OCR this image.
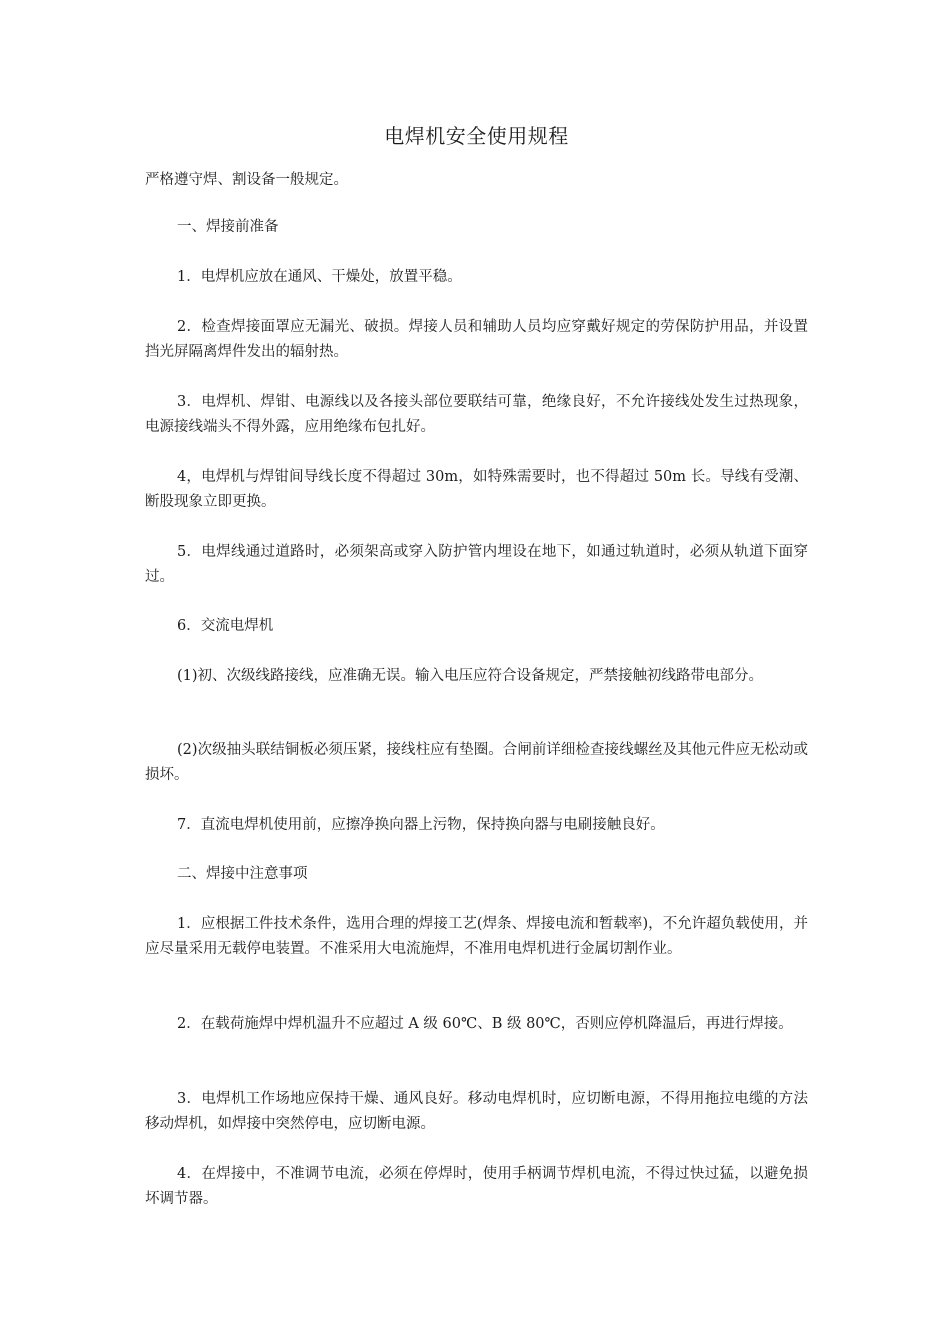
电焊机安全使用规程

严格遵守焊、割设备一般规定。

一、焊接前准备

1．电焊机应放在通风、干燥处，放置平稳。

2．检查焊接面罩应无漏光、破损。焊接人员和辅助人员均应穿戴好规定的劳保防护用品，并设置挡光屏隔离焊件发出的辐射热。

3．电焊机、焊钳、电源线以及各接头部位要联结可靠，绝缘良好，不允许接线处发生过热现象，电源接线端头不得外露，应用绝缘布包扎好。

4，电焊机与焊钳间导线长度不得超过 30m，如特殊需要时，也不得超过 50m 长。导线有受潮、断股现象立即更换。

5．电焊线通过道路时，必须架高或穿入防护管内埋设在地下，如通过轨道时，必须从轨道下面穿过。

6．交流电焊机

(1)初、次级线路接线，应准确无误。输入电压应符合设备规定，严禁接触初线路带电部分。

(2)次级抽头联结铜板必须压紧，接线柱应有垫圈。合闸前详细检查接线螺丝及其他元件应无松动或损坏。

7．直流电焊机使用前，应擦净换向器上污物，保持换向器与电刷接触良好。

二、焊接中注意事项

1．应根据工件技术条件，选用合理的焊接工艺(焊条、焊接电流和暂载率)，不允许超负载使用，并应尽量采用无载停电装置。不准采用大电流施焊，不准用电焊机进行金属切割作业。

2．在载荷施焊中焊机温升不应超过 A 级 60℃、B 级 80℃，否则应停机降温后，再进行焊接。

3．电焊机工作场地应保持干燥、通风良好。移动电焊机时，应切断电源，不得用拖拉电缆的方法移动焊机，如焊接中突然停电，应切断电源。

4．在焊接中，不准调节电流，必须在停焊时，使用手柄调节焊机电流，不得过快过猛，以避免损坏调节器。
